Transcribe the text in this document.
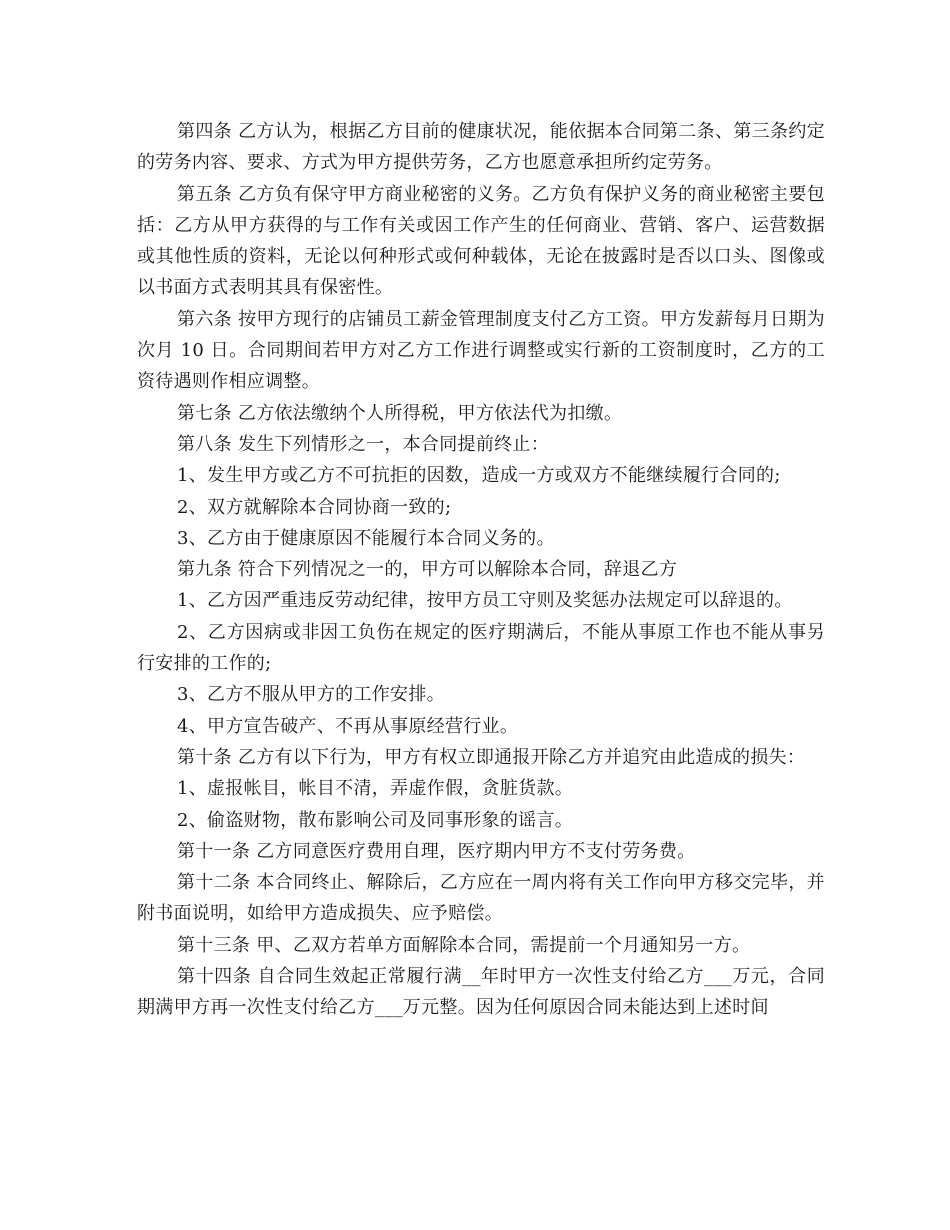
第四条 乙方认为，根据乙方目前的健康状况，能依据本合同第二条、第三条约定的劳务内容、要求、方式为甲方提供劳务，乙方也愿意承担所约定劳务。

第五条 乙方负有保守甲方商业秘密的义务。乙方负有保护义务的商业秘密主要包括：乙方从甲方获得的与工作有关或因工作产生的任何商业、营销、客户、运营数据或其他性质的资料，无论以何种形式或何种载体，无论在披露时是否以口头、图像或以书面方式表明其具有保密性。

第六条 按甲方现行的店铺员工薪金管理制度支付乙方工资。甲方发薪每月日期为次月 10 日。合同期间若甲方对乙方工作进行调整或实行新的工资制度时，乙方的工资待遇则作相应调整。

第七条 乙方依法缴纳个人所得税，甲方依法代为扣缴。

第八条 发生下列情形之一，本合同提前终止：

1、发生甲方或乙方不可抗拒的因数，造成一方或双方不能继续履行合同的;

2、双方就解除本合同协商一致的;

3、乙方由于健康原因不能履行本合同义务的。

第九条 符合下列情况之一的，甲方可以解除本合同，辞退乙方

1、乙方因严重违反劳动纪律，按甲方员工守则及奖惩办法规定可以辞退的。

2、乙方因病或非因工负伤在规定的医疗期满后，不能从事原工作也不能从事另行安排的工作的;

3、乙方不服从甲方的工作安排。

4、甲方宣告破产、不再从事原经营行业。

第十条 乙方有以下行为，甲方有权立即通报开除乙方并追究由此造成的损失：

1、虚报帐目，帐目不清，弄虚作假，贪脏货款。

2、偷盗财物，散布影响公司及同事形象的谣言。

第十一条 乙方同意医疗费用自理，医疗期内甲方不支付劳务费。

第十二条 本合同终止、解除后，乙方应在一周内将有关工作向甲方移交完毕，并附书面说明，如给甲方造成损失、应予赔偿。

第十三条 甲、乙双方若单方面解除本合同，需提前一个月通知另一方。

第十四条 自合同生效起正常履行满__年时甲方一次性支付给乙方___万元，合同期满甲方再一次性支付给乙方___万元整。因为任何原因合同未能达到上述时间
